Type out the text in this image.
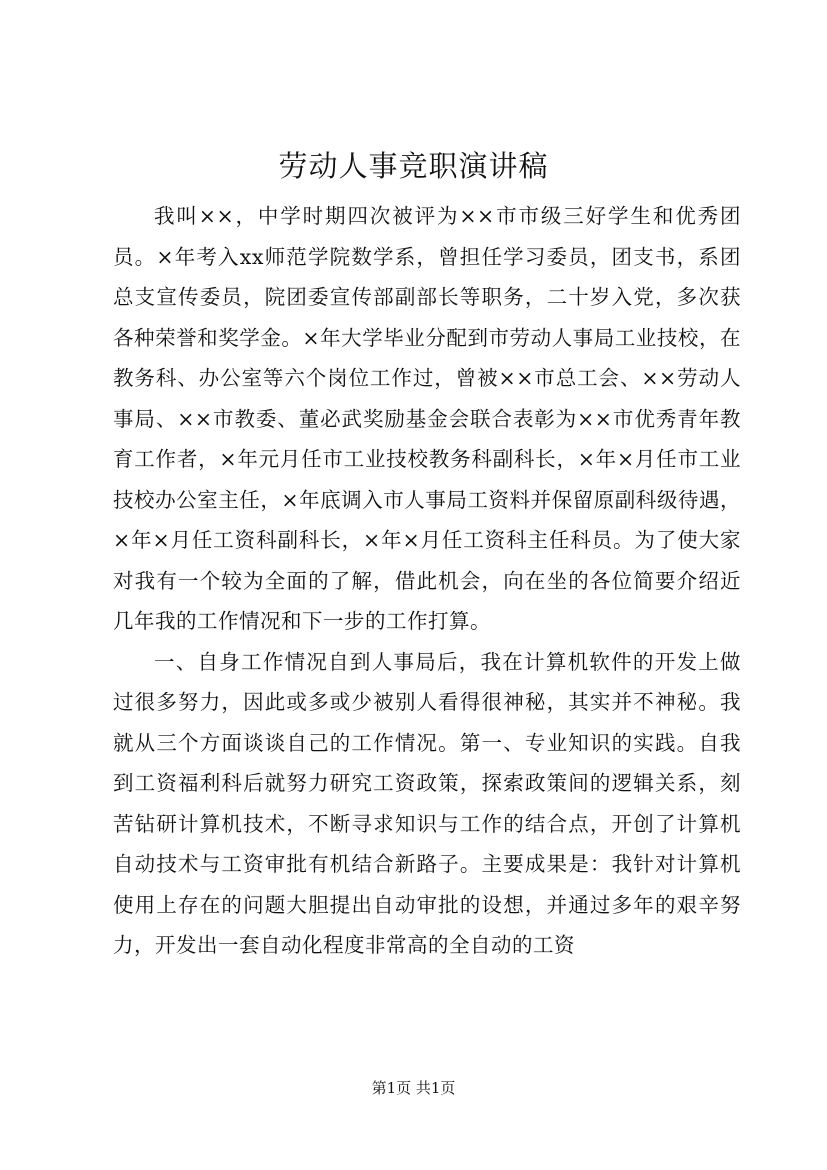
劳动人事竞职演讲稿

我叫××，中学时期四次被评为××市市级三好学生和优秀团员。×年考入xx师范学院数学系，曾担任学习委员，团支书，系团总支宣传委员，院团委宣传部副部长等职务，二十岁入党，多次获各种荣誉和奖学金。×年大学毕业分配到市劳动人事局工业技校，在教务科、办公室等六个岗位工作过，曾被××市总工会、××劳动人事局、××市教委、董必武奖励基金会联合表彰为××市优秀青年教育工作者，×年元月任市工业技校教务科副科长，×年×月任市工业技校办公室主任，×年底调入市人事局工资料并保留原副科级待遇，×年×月任工资科副科长，×年×月任工资科主任科员。为了使大家对我有一个较为全面的了解，借此机会，向在坐的各位简要介绍近几年我的工作情况和下一步的工作打算。

一、自身工作情况自到人事局后，我在计算机软件的开发上做过很多努力，因此或多或少被别人看得很神秘，其实并不神秘。我就从三个方面谈谈自己的工作情况。第一、专业知识的实践。自我到工资福利科后就努力研究工资政策，探索政策间的逻辑关系，刻苦钻研计算机技术，不断寻求知识与工作的结合点，开创了计算机自动技术与工资审批有机结合新路子。主要成果是：我针对计算机使用上存在的问题大胆提出自动审批的设想，并通过多年的艰辛努力，开发出一套自动化程度非常高的全自动的工资

第1页 共1页
